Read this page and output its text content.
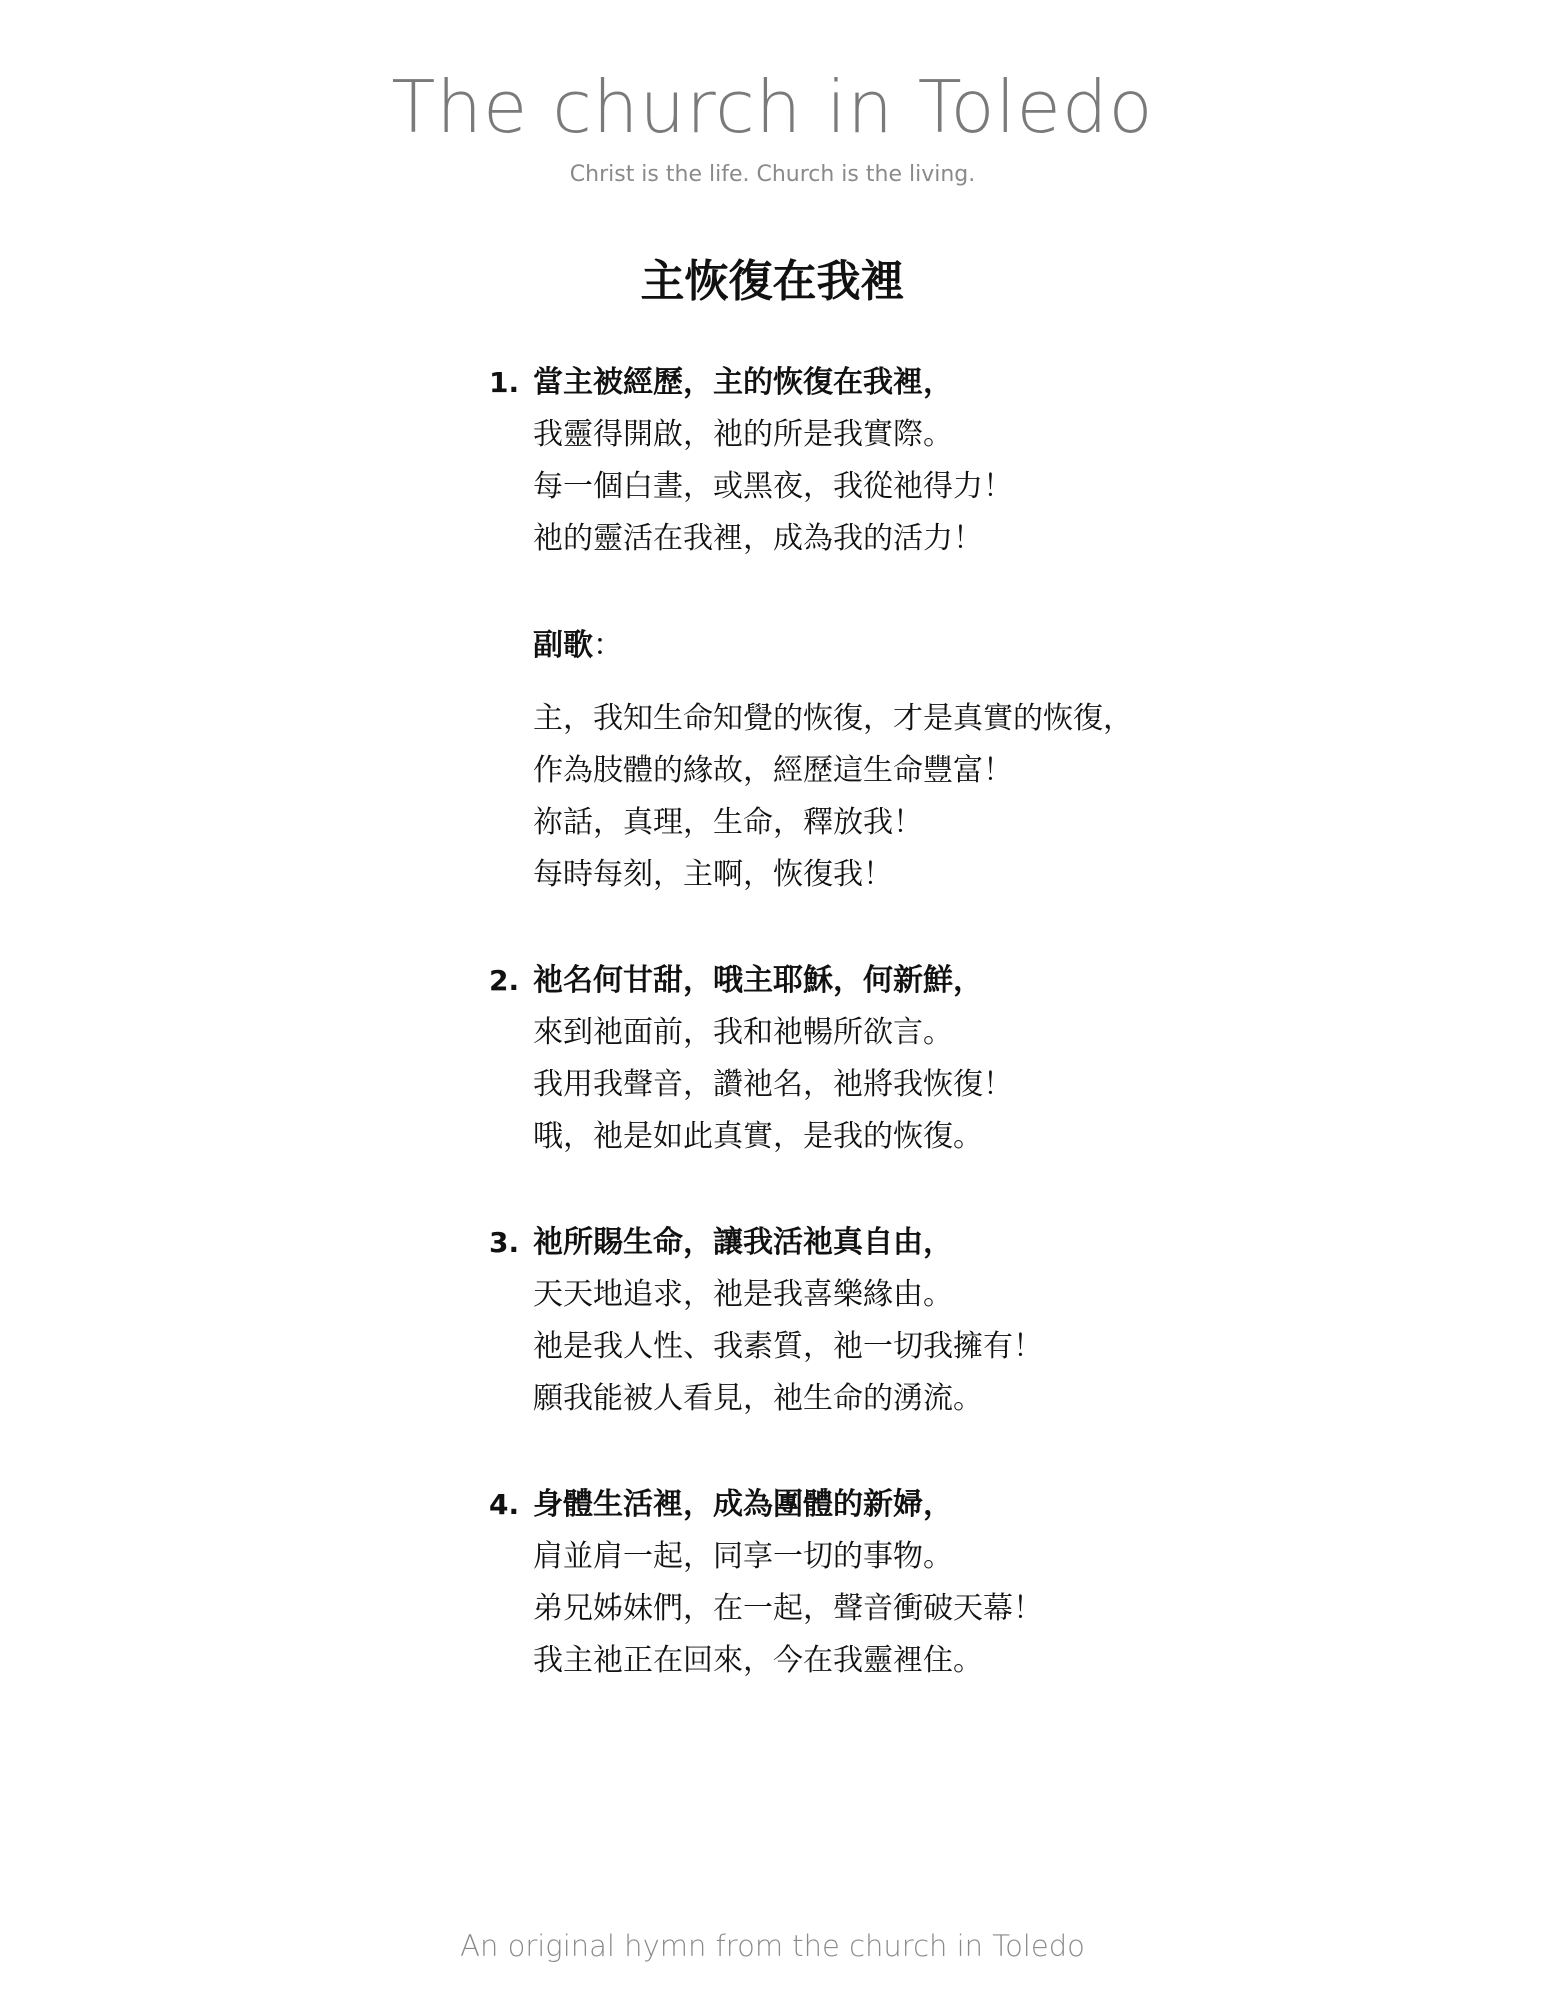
The church in Toledo
Christ is the life. Church is the living.
主恢復在我裡
1. 當主被經歷，主的恢復在我裡，
我靈得開啟，祂的所是我實際。
每一個白晝，或黑夜，我從祂得力！
祂的靈活在我裡，成為我的活力！
副歌：
主，我知生命知覺的恢復，才是真實的恢復，
作為肢體的緣故，經歷這生命豐富！
祢話，真理，生命，釋放我！
每時每刻，主啊，恢復我！
2. 祂名何甘甜，哦主耶穌，何新鮮，
來到祂面前，我和祂暢所欲言。
我用我聲音，讚祂名，祂將我恢復！
哦，祂是如此真實，是我的恢復。
3. 祂所賜生命，讓我活祂真自由，
天天地追求，祂是我喜樂緣由。
祂是我人性、我素質，祂一切我擁有！
願我能被人看見，祂生命的湧流。
4. 身體生活裡，成為團體的新婦，
肩並肩一起，同享一切的事物。
弟兄姊妹們，在一起，聲音衝破天幕！
我主祂正在回來，今在我靈裡住。
An original hymn from the church in Toledo
